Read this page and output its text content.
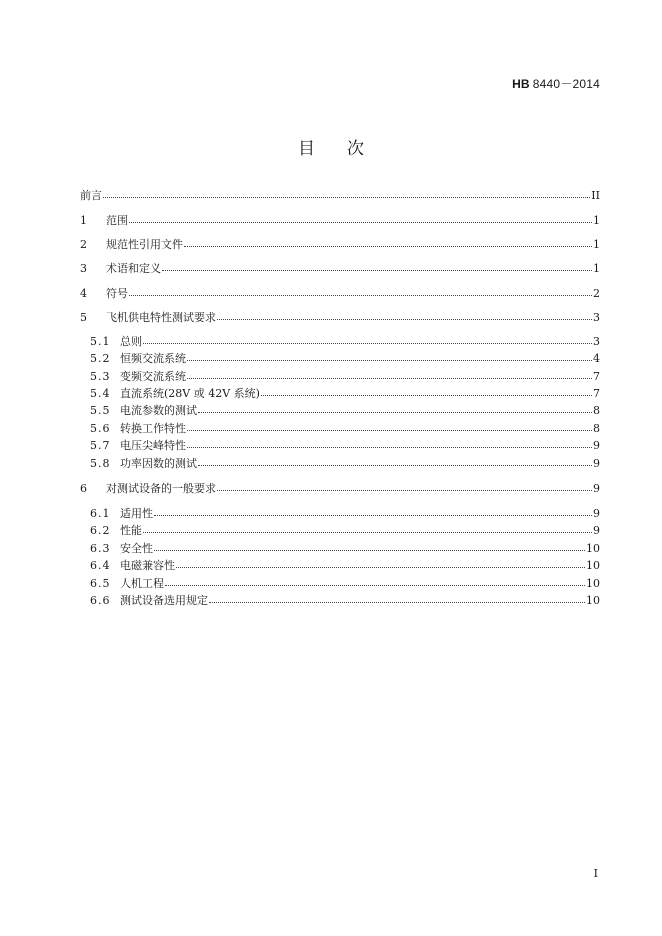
HB 8440－2014
目次
前言	II
1	范围	1
2	规范性引用文件	1
3	术语和定义	1
4	符号	2
5	飞机供电特性测试要求	3
5.1 总则	3
5.2 恒频交流系统	4
5.3 变频交流系统	7
5.4 直流系统(28V 或 42V 系统)	7
5.5 电流参数的测试	8
5.6 转换工作特性	8
5.7 电压尖峰特性	9
5.8 功率因数的测试	9
6	对测试设备的一般要求	9
6.1 适用性	9
6.2 性能	9
6.3 安全性	10
6.4 电磁兼容性	10
6.5 人机工程	10
6.6 测试设备选用规定	10
I
